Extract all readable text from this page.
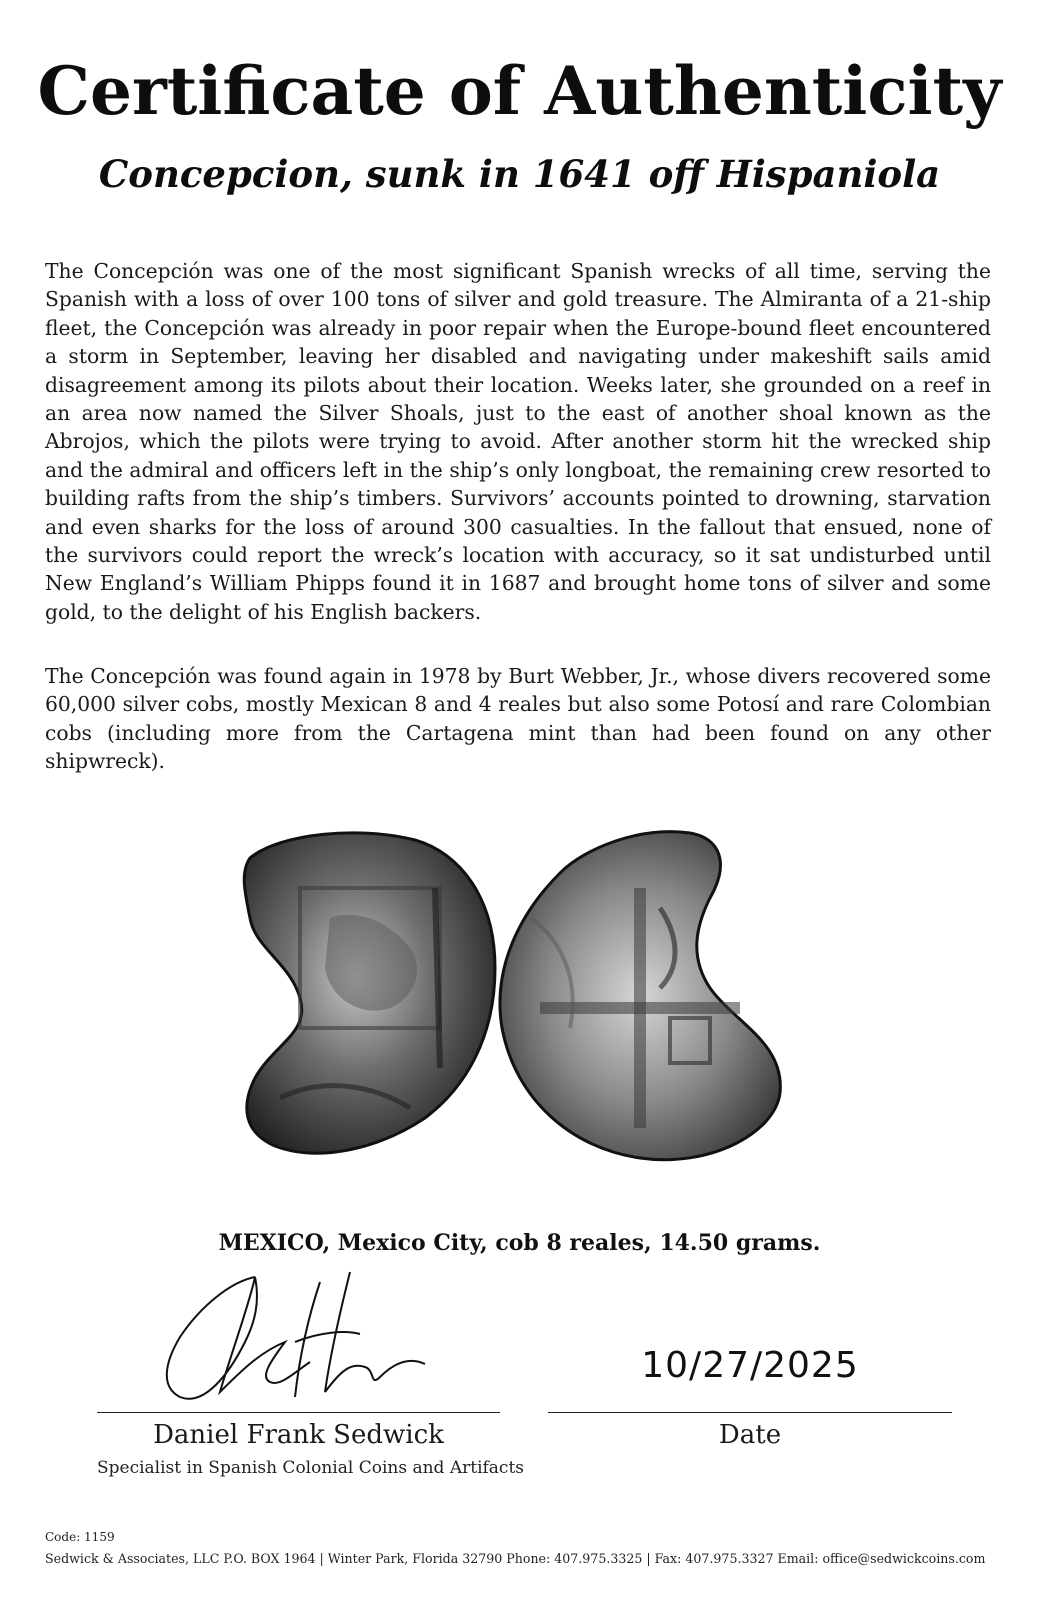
Certificate of Authenticity
Concepcion, sunk in 1641 off Hispaniola
The Concepción was one of the most significant Spanish wrecks of all time, serving the Spanish with a loss of over 100 tons of silver and gold treasure. The Almiranta of a 21-ship fleet, the Concepción was already in poor repair when the Europe-bound fleet encountered a storm in September, leaving her disabled and navigating under makeshift sails amid disagreement among its pilots about their location. Weeks later, she grounded on a reef in an area now named the Silver Shoals, just to the east of another shoal known as the Abrojos, which the pilots were trying to avoid. After another storm hit the wrecked ship and the admiral and officers left in the ship’s only longboat, the remaining crew resorted to building rafts from the ship’s timbers. Survivors’ accounts pointed to drowning, starvation and even sharks for the loss of around 300 casualties. In the fallout that ensued, none of the survivors could report the wreck’s location with accuracy, so it sat undisturbed until New England’s William Phipps found it in 1687 and brought home tons of silver and some gold, to the delight of his English backers.
The Concepción was found again in 1978 by Burt Webber, Jr., whose divers recovered some 60,000 silver cobs, mostly Mexican 8 and 4 reales but also some Potosí and rare Colombian cobs (including more from the Cartagena mint than had been found on any other shipwreck).
MEXICO, Mexico City, cob 8 reales, 14.50 grams.
10/27/2025
Daniel Frank Sedwick
Specialist in Spanish Colonial Coins and Artifacts
Date
Code: 1159
Sedwick & Associates, LLC P.O. BOX 1964 | Winter Park, Florida 32790 Phone: 407.975.3325 | Fax: 407.975.3327 Email: office@sedwickcoins.com
